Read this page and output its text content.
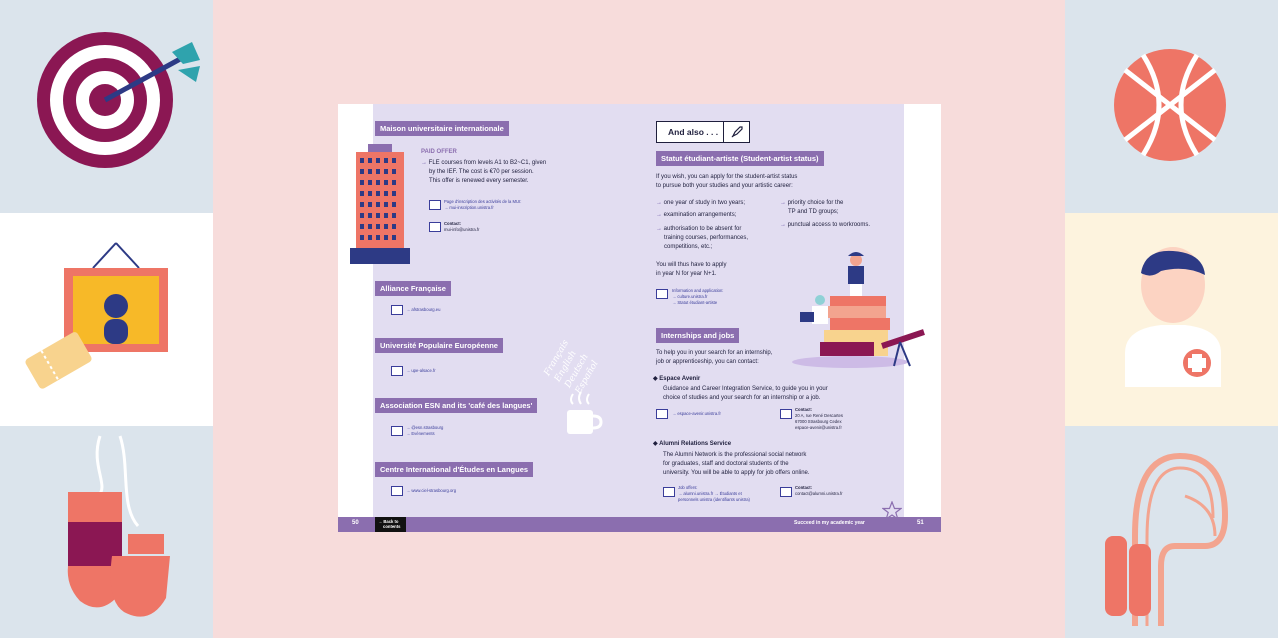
Maison universitaire internationale
PAID OFFER
→ FLE courses from levels A1 to B2~C1, given
by the IEF. The cost is €70 per session.
This offer is renewed every semester.
Page d'inscription des activités de la MUI:
→ mui-inscription.unistra.fr
Contact:
mui-info@unistra.fr
Alliance Française
→ afstrasbourg.eu
Université Populaire Européenne
→ upe-alsace.fr
Association ESN and its 'café des langues'
→ @esn.strasbourg
→ Evènements
Centre International d'Études en Langues
→ www.ciel-strasbourg.org
Français English Deutsch Español
And also . . .
Statut étudiant-artiste (Student-artist status)
If you wish, you can apply for the student-artist status
to pursue both your studies and your artistic career:
→ one year of study in two years;
→ examination arrangements;
→ authorisation to be absent for
training courses, performances,
competitions, etc.;
→ priority choice for the
TP and TD groups;
→ punctual access to workrooms.
You will thus have to apply
in year N for year N+1.
Information and application:
→ culture.unistra.fr
→ Statut étudiant-artiste
Internships and jobs
To help you in your search for an internship,
job or apprenticeship, you can contact:
◆ Espace Avenir
Guidance and Career Integration Service, to guide you in your
choice of studies and your search for an internship or a job.
→ espace-avenir.unistra.fr
Contact:
20 A, rue René Descartes
67000 Strasbourg Cedex
espace-avenir@unistra.fr
◆ Alumni Relations Service
The Alumni Network is the professional social network
for graduates, staff and doctoral students of the
university. You will be able to apply for job offers online.
Job offers:
→ alumni.unistra.fr → Étudiants et
personnels unistra (identifiants unistra)
Contact:
contact@alumni.unistra.fr
50	→ Back to
contents
Succeed in my academic year	51
